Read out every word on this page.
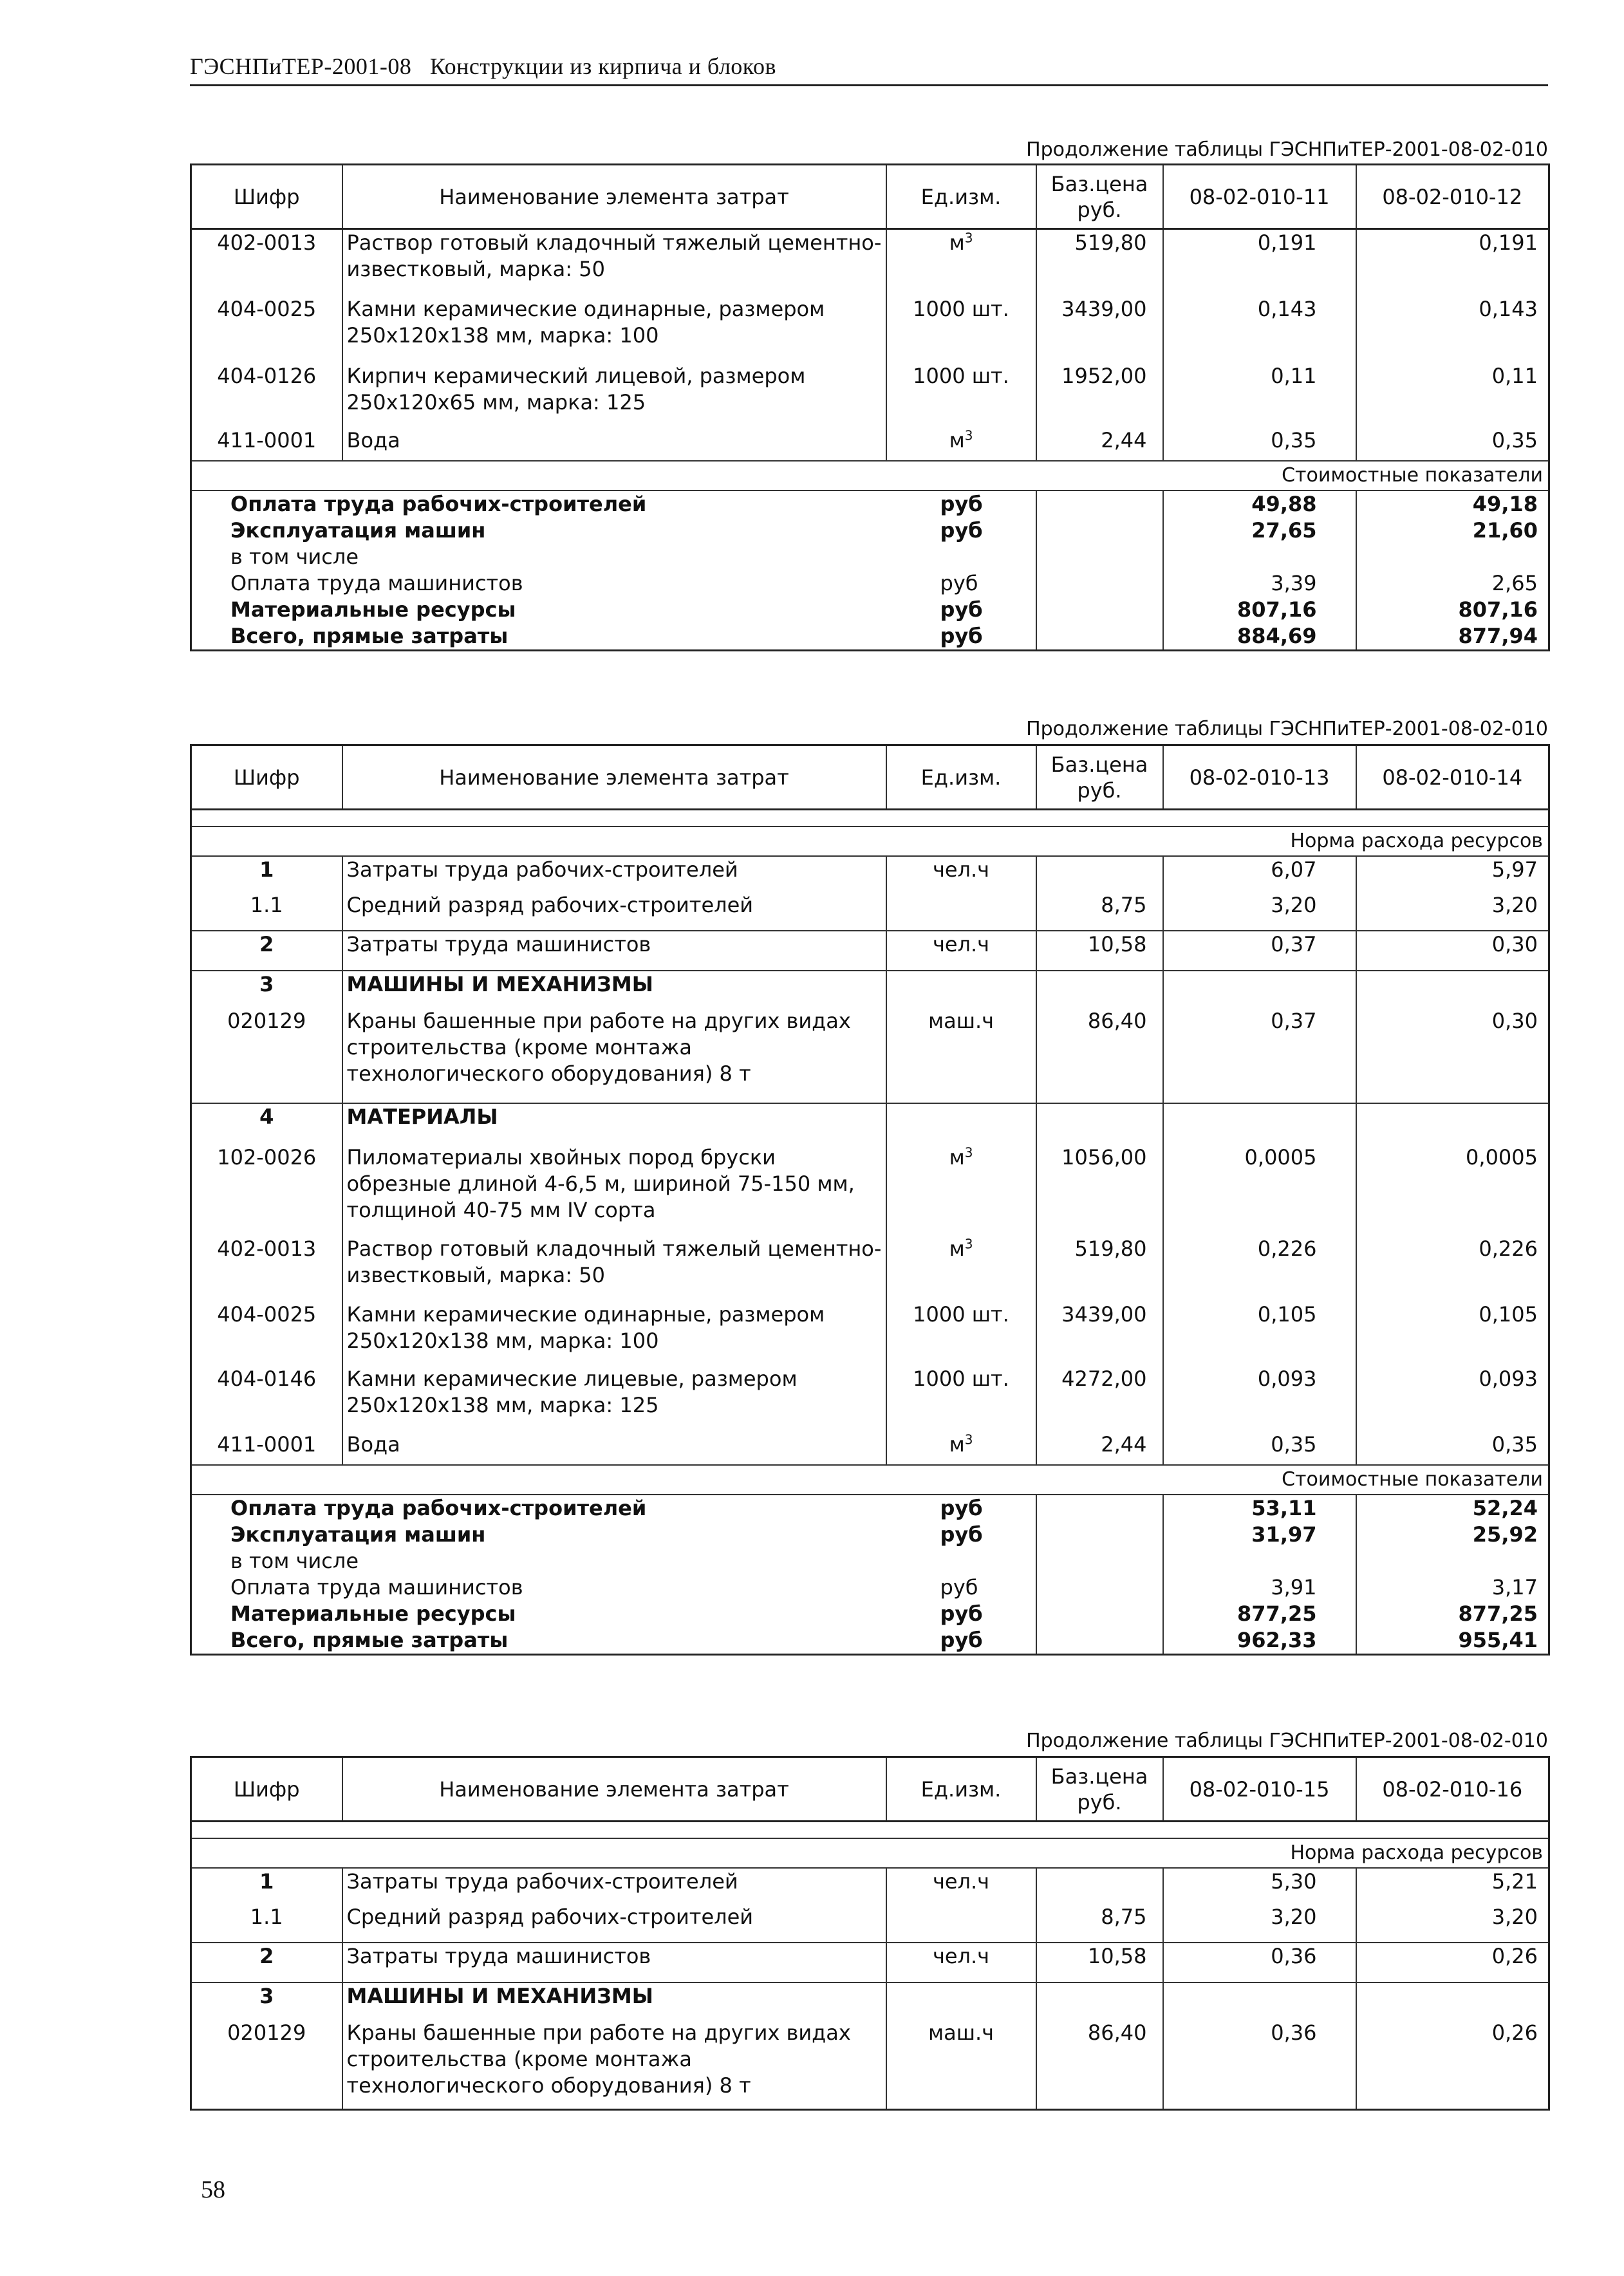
ГЭСНПиТЕР-2001-08 Конструкции из кирпича и блоков
Продолжение таблицы ГЭСНПиТЕР-2001-08-02-010
Шифр	Наименование элемента затрат	Ед.изм.	Баз.цена руб.	08-02-010-11	08-02-010-12
402-0013	Раствор готовый кладочный тяжелый цементно-известковый, марка: 50	$м^3$	519,80	0,191	0,191
404-0025	Камни керамические одинарные, размером 250х120х138 мм, марка: 100	1000 шт.	3439,00	0,143	0,143
404-0126	Кирпич керамический лицевой, размером 250х120х65 мм, марка: 125	1000 шт.	1952,00	0,11	0,11
411-0001	Вода	$м^3$	2,44	0,35	0,35
Стоимостные показатели					
Оплата труда рабочих-строителей		руб		49,88	49,18
Эксплуатация машин		руб		27,65	21,60
в том числе					
Оплата труда машинистов		руб		3,39	2,65
Материальные ресурсы		руб		807,16	807,16
Всего, прямые затраты		руб		884,69	877,94
Продолжение таблицы ГЭСНПиТЕР-2001-08-02-010
Шифр	Наименование элемента затрат	Ед.изм.	Баз.цена руб.	08-02-010-13	08-02-010-14

Норма расхода ресурсов					
1	Затраты труда рабочих-строителей	чел.ч		6,07	5,97
1.1	Средний разряд рабочих-строителей		8,75	3,20	3,20
2	Затраты труда машинистов	чел.ч	10,58	0,37	0,30
3	МАШИНЫ И МЕХАНИЗМЫ				
020129	Краны башенные при работе на других видах строительства (кроме монтажа технологического оборудования) 8 т	маш.ч	86,40	0,37	0,30
4	МАТЕРИАЛЫ				
102-0026	Пиломатериалы хвойных пород бруски обрезные длиной 4-6,5 м, шириной 75-150 мм, толщиной 40-75 мм IV сорта	$м^3$	1056,00	0,0005	0,0005
402-0013	Раствор готовый кладочный тяжелый цементно-известковый, марка: 50	$м^3$	519,80	0,226	0,226
404-0025	Камни керамические одинарные, размером 250х120х138 мм, марка: 100	1000 шт.	3439,00	0,105	0,105
404-0146	Камни керамические лицевые, размером 250х120х138 мм, марка: 125	1000 шт.	4272,00	0,093	0,093
411-0001	Вода	$м^3$	2,44	0,35	0,35
Стоимостные показатели					
Оплата труда рабочих-строителей		руб		53,11	52,24
Эксплуатация машин		руб		31,97	25,92
в том числе					
Оплата труда машинистов		руб		3,91	3,17
Материальные ресурсы		руб		877,25	877,25
Всего, прямые затраты		руб		962,33	955,41
Продолжение таблицы ГЭСНПиТЕР-2001-08-02-010
Шифр	Наименование элемента затрат	Ед.изм.	Баз.цена руб.	08-02-010-15	08-02-010-16

Норма расхода ресурсов					
1	Затраты труда рабочих-строителей	чел.ч		5,30	5,21
1.1	Средний разряд рабочих-строителей		8,75	3,20	3,20
2	Затраты труда машинистов	чел.ч	10,58	0,36	0,26
3	МАШИНЫ И МЕХАНИЗМЫ				
020129	Краны башенные при работе на других видах строительства (кроме монтажа технологического оборудования) 8 т	маш.ч	86,40	0,36	0,26
58
